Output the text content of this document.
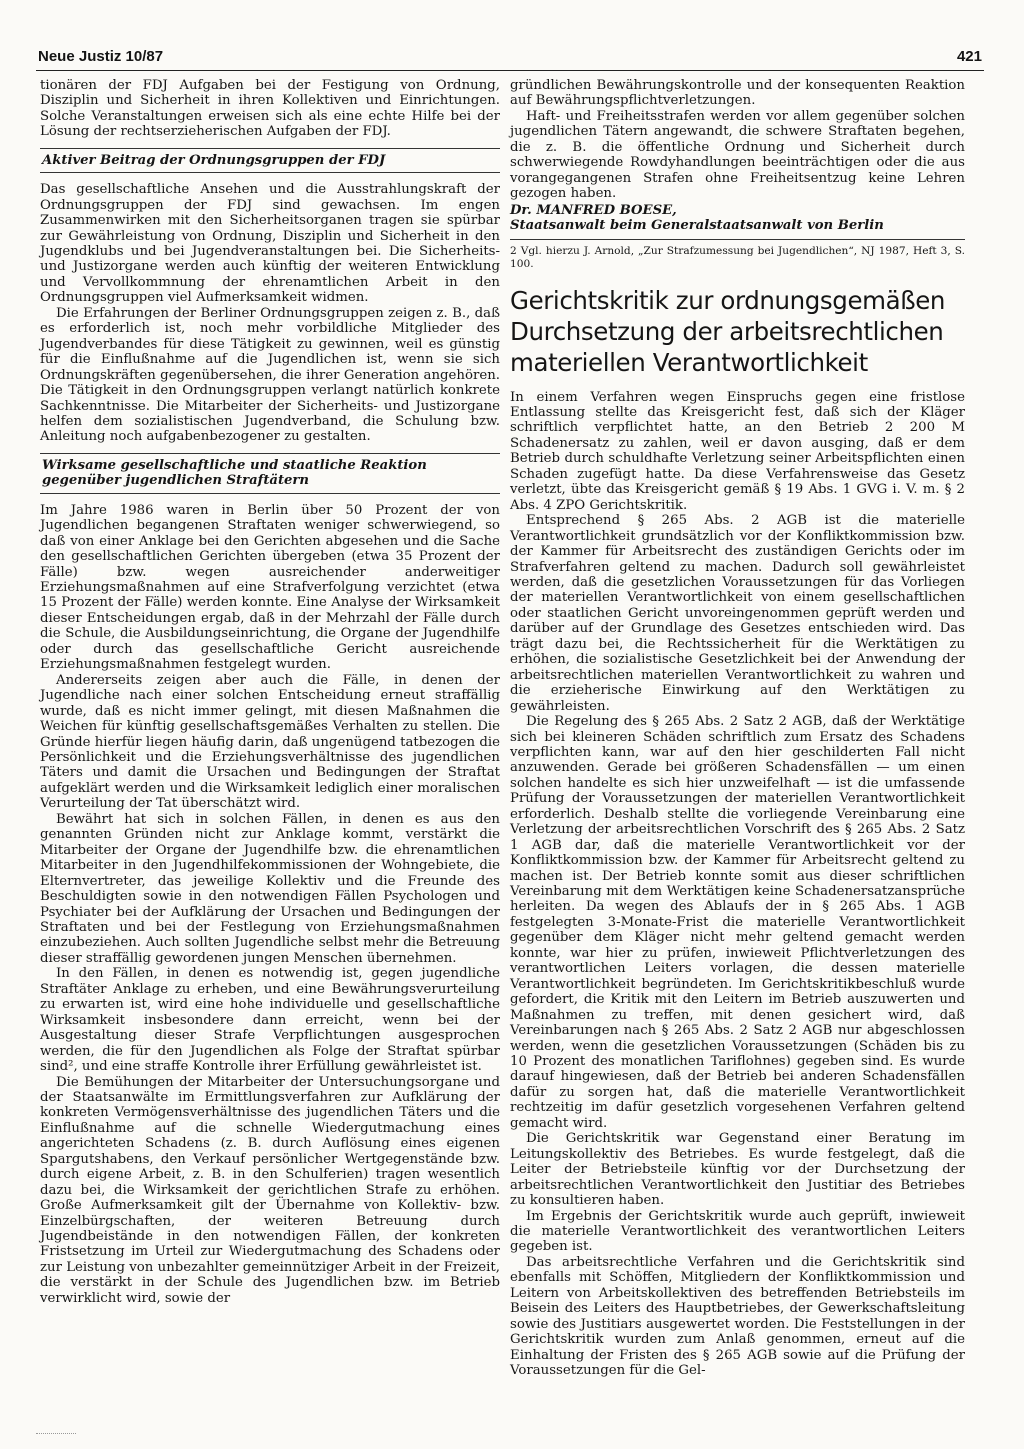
Neue Justiz 10/87	421

tionären der FDJ Aufgaben bei der Festigung von Ordnung, Disziplin und Sicherheit in ihren Kollektiven und Einrichtungen. Solche Veranstaltungen erweisen sich als eine echte Hilfe bei der Lösung der rechtserzieherischen Aufgaben der FDJ.

Aktiver Beitrag der Ordnungsgruppen der FDJ

Das gesellschaftliche Ansehen und die Ausstrahlungskraft der Ordnungsgruppen der FDJ sind gewachsen. Im engen Zusammenwirken mit den Sicherheitsorganen tragen sie spürbar zur Gewährleistung von Ordnung, Disziplin und Sicherheit in den Jugendklubs und bei Jugendveranstaltungen bei. Die Sicherheits- und Justizorgane werden auch künftig der weiteren Entwicklung und Vervollkommnung der ehrenamtlichen Arbeit in den Ordnungsgruppen viel Aufmerksamkeit widmen.

Die Erfahrungen der Berliner Ordnungsgruppen zeigen z. B., daß es erforderlich ist, noch mehr vorbildliche Mitglieder des Jugendverbandes für diese Tätigkeit zu gewinnen, weil es günstig für die Einflußnahme auf die Jugendlichen ist, wenn sie sich Ordnungskräften gegenübersehen, die ihrer Generation angehören. Die Tätigkeit in den Ordnungsgruppen verlangt natürlich konkrete Sachkenntnisse. Die Mitarbeiter der Sicherheits- und Justizorgane helfen dem sozialistischen Jugendverband, die Schulung bzw. Anleitung noch aufgabenbezogener zu gestalten.

Wirksame gesellschaftliche und staatliche Reaktion gegenüber jugendlichen Straftätern

Im Jahre 1986 waren in Berlin über 50 Prozent der von Jugendlichen begangenen Straftaten weniger schwerwiegend, so daß von einer Anklage bei den Gerichten abgesehen und die Sache den gesellschaftlichen Gerichten übergeben (etwa 35 Prozent der Fälle) bzw. wegen ausreichender anderweitiger Erziehungsmaßnahmen auf eine Strafverfolgung verzichtet (etwa 15 Prozent der Fälle) werden konnte. Eine Analyse der Wirksamkeit dieser Entscheidungen ergab, daß in der Mehrzahl der Fälle durch die Schule, die Ausbildungseinrichtung, die Organe der Jugendhilfe oder durch das gesellschaftliche Gericht ausreichende Erziehungsmaßnahmen festgelegt wurden.

Andererseits zeigen aber auch die Fälle, in denen der Jugendliche nach einer solchen Entscheidung erneut straffällig wurde, daß es nicht immer gelingt, mit diesen Maßnahmen die Weichen für künftig gesellschaftsgemäßes Verhalten zu stellen. Die Gründe hierfür liegen häufig darin, daß ungenügend tatbezogen die Persönlichkeit und die Erziehungsverhältnisse des jugendlichen Täters und damit die Ursachen und Bedingungen der Straftat aufgeklärt werden und die Wirksamkeit lediglich einer moralischen Verurteilung der Tat überschätzt wird.

Bewährt hat sich in solchen Fällen, in denen es aus den genannten Gründen nicht zur Anklage kommt, verstärkt die Mitarbeiter der Organe der Jugendhilfe bzw. die ehrenamtlichen Mitarbeiter in den Jugendhilfekommissionen der Wohngebiete, die Elternvertreter, das jeweilige Kollektiv und die Freunde des Beschuldigten sowie in den notwendigen Fällen Psychologen und Psychiater bei der Aufklärung der Ursachen und Bedingungen der Straftaten und bei der Festlegung von Erziehungsmaßnahmen einzubeziehen. Auch sollten Jugendliche selbst mehr die Betreuung dieser straffällig gewordenen jungen Menschen übernehmen.

In den Fällen, in denen es notwendig ist, gegen jugendliche Straftäter Anklage zu erheben, und eine Bewährungsverurteilung zu erwarten ist, wird eine hohe individuelle und gesellschaftliche Wirksamkeit insbesondere dann erreicht, wenn bei der Ausgestaltung dieser Strafe Verpflichtungen ausgesprochen werden, die für den Jugendlichen als Folge der Straftat spürbar sind², und eine straffe Kontrolle ihrer Erfüllung gewährleistet ist.

Die Bemühungen der Mitarbeiter der Untersuchungsorgane und der Staatsanwälte im Ermittlungsverfahren zur Aufklärung der konkreten Vermögensverhältnisse des jugendlichen Täters und die Einflußnahme auf die schnelle Wiedergutmachung eines angerichteten Schadens (z. B. durch Auflösung eines eigenen Spargutshabens, den Verkauf persönlicher Wertgegenstände bzw. durch eigene Arbeit, z. B. in den Schulferien) tragen wesentlich dazu bei, die Wirksamkeit der gerichtlichen Strafe zu erhöhen. Große Aufmerksamkeit gilt der Übernahme von Kollektiv- bzw. Einzelbürgschaften, der weiteren Betreuung durch Jugendbeistände in den notwendigen Fällen, der konkreten Fristsetzung im Urteil zur Wiedergutmachung des Schadens oder zur Leistung von unbezahlter gemeinnütziger Arbeit in der Freizeit, die verstärkt in der Schule des Jugendlichen bzw. im Betrieb verwirklicht wird, sowie der

gründlichen Bewährungskontrolle und der konsequenten Reaktion auf Bewährungspflichtverletzungen.

Haft- und Freiheitsstrafen werden vor allem gegenüber solchen jugendlichen Tätern angewandt, die schwere Straftaten begehen, die z. B. die öffentliche Ordnung und Sicherheit durch schwerwiegende Rowdyhandlungen beeinträchtigen oder die aus vorangegangenen Strafen ohne Freiheitsentzug keine Lehren gezogen haben.

Dr. MANFRED BOESE,
Staatsanwalt beim Generalstaatsanwalt von Berlin
2 Vgl. hierzu J. Arnold, „Zur Strafzumessung bei Jugendlichen“, NJ 1987, Heft 3, S. 100.
Gerichtskritik zur ordnungsgemäßen Durchsetzung der arbeitsrechtlichen materiellen Verantwortlichkeit

In einem Verfahren wegen Einspruchs gegen eine fristlose Entlassung stellte das Kreisgericht fest, daß sich der Kläger schriftlich verpflichtet hatte, an den Betrieb 2 200 M Schadenersatz zu zahlen, weil er davon ausging, daß er dem Betrieb durch schuldhafte Verletzung seiner Arbeitspflichten einen Schaden zugefügt hatte. Da diese Verfahrensweise das Gesetz verletzt, übte das Kreisgericht gemäß § 19 Abs. 1 GVG i. V. m. § 2 Abs. 4 ZPO Gerichtskritik.

Entsprechend § 265 Abs. 2 AGB ist die materielle Verantwortlichkeit grundsätzlich vor der Konfliktkommission bzw. der Kammer für Arbeitsrecht des zuständigen Gerichts oder im Strafverfahren geltend zu machen. Dadurch soll gewährleistet werden, daß die gesetzlichen Voraussetzungen für das Vorliegen der materiellen Verantwortlichkeit von einem gesellschaftlichen oder staatlichen Gericht unvoreingenommen geprüft werden und darüber auf der Grundlage des Gesetzes entschieden wird. Das trägt dazu bei, die Rechtssicherheit für die Werktätigen zu erhöhen, die sozialistische Gesetzlichkeit bei der Anwendung der arbeitsrechtlichen materiellen Verantwortlichkeit zu wahren und die erzieherische Einwirkung auf den Werktätigen zu gewährleisten.

Die Regelung des § 265 Abs. 2 Satz 2 AGB, daß der Werktätige sich bei kleineren Schäden schriftlich zum Ersatz des Schadens verpflichten kann, war auf den hier geschilderten Fall nicht anzuwenden. Gerade bei größeren Schadensfällen — um einen solchen handelte es sich hier unzweifelhaft — ist die umfassende Prüfung der Voraussetzungen der materiellen Verantwortlichkeit erforderlich. Deshalb stellte die vorliegende Vereinbarung eine Verletzung der arbeitsrechtlichen Vorschrift des § 265 Abs. 2 Satz 1 AGB dar, daß die materielle Verantwortlichkeit vor der Konfliktkommission bzw. der Kammer für Arbeitsrecht geltend zu machen ist. Der Betrieb konnte somit aus dieser schriftlichen Vereinbarung mit dem Werktätigen keine Schadenersatzansprüche herleiten. Da wegen des Ablaufs der in § 265 Abs. 1 AGB festgelegten 3-Monate-Frist die materielle Verantwortlichkeit gegenüber dem Kläger nicht mehr geltend gemacht werden konnte, war hier zu prüfen, inwieweit Pflichtverletzungen des verantwortlichen Leiters vorlagen, die dessen materielle Verantwortlichkeit begründeten. Im Gerichtskritikbeschluß wurde gefordert, die Kritik mit den Leitern im Betrieb auszuwerten und Maßnahmen zu treffen, mit denen gesichert wird, daß Vereinbarungen nach § 265 Abs. 2 Satz 2 AGB nur abgeschlossen werden, wenn die gesetzlichen Voraussetzungen (Schäden bis zu 10 Prozent des monatlichen Tariflohnes) gegeben sind. Es wurde darauf hingewiesen, daß der Betrieb bei anderen Schadensfällen dafür zu sorgen hat, daß die materielle Verantwortlichkeit rechtzeitig im dafür gesetzlich vorgesehenen Verfahren geltend gemacht wird.

Die Gerichtskritik war Gegenstand einer Beratung im Leitungskollektiv des Betriebes. Es wurde festgelegt, daß die Leiter der Betriebsteile künftig vor der Durchsetzung der arbeitsrechtlichen Verantwortlichkeit den Justitiar des Betriebes zu konsultieren haben.

Im Ergebnis der Gerichtskritik wurde auch geprüft, inwieweit die materielle Verantwortlichkeit des verantwortlichen Leiters gegeben ist.

Das arbeitsrechtliche Verfahren und die Gerichtskritik sind ebenfalls mit Schöffen, Mitgliedern der Konfliktkommission und Leitern von Arbeitskollektiven des betreffenden Betriebsteils im Beisein des Leiters des Hauptbetriebes, der Gewerkschaftsleitung sowie des Justitiars ausgewertet worden. Die Feststellungen in der Gerichtskritik wurden zum Anlaß genommen, erneut auf die Einhaltung der Fristen des § 265 AGB sowie auf die Prüfung der Voraussetzungen für die Gel-
